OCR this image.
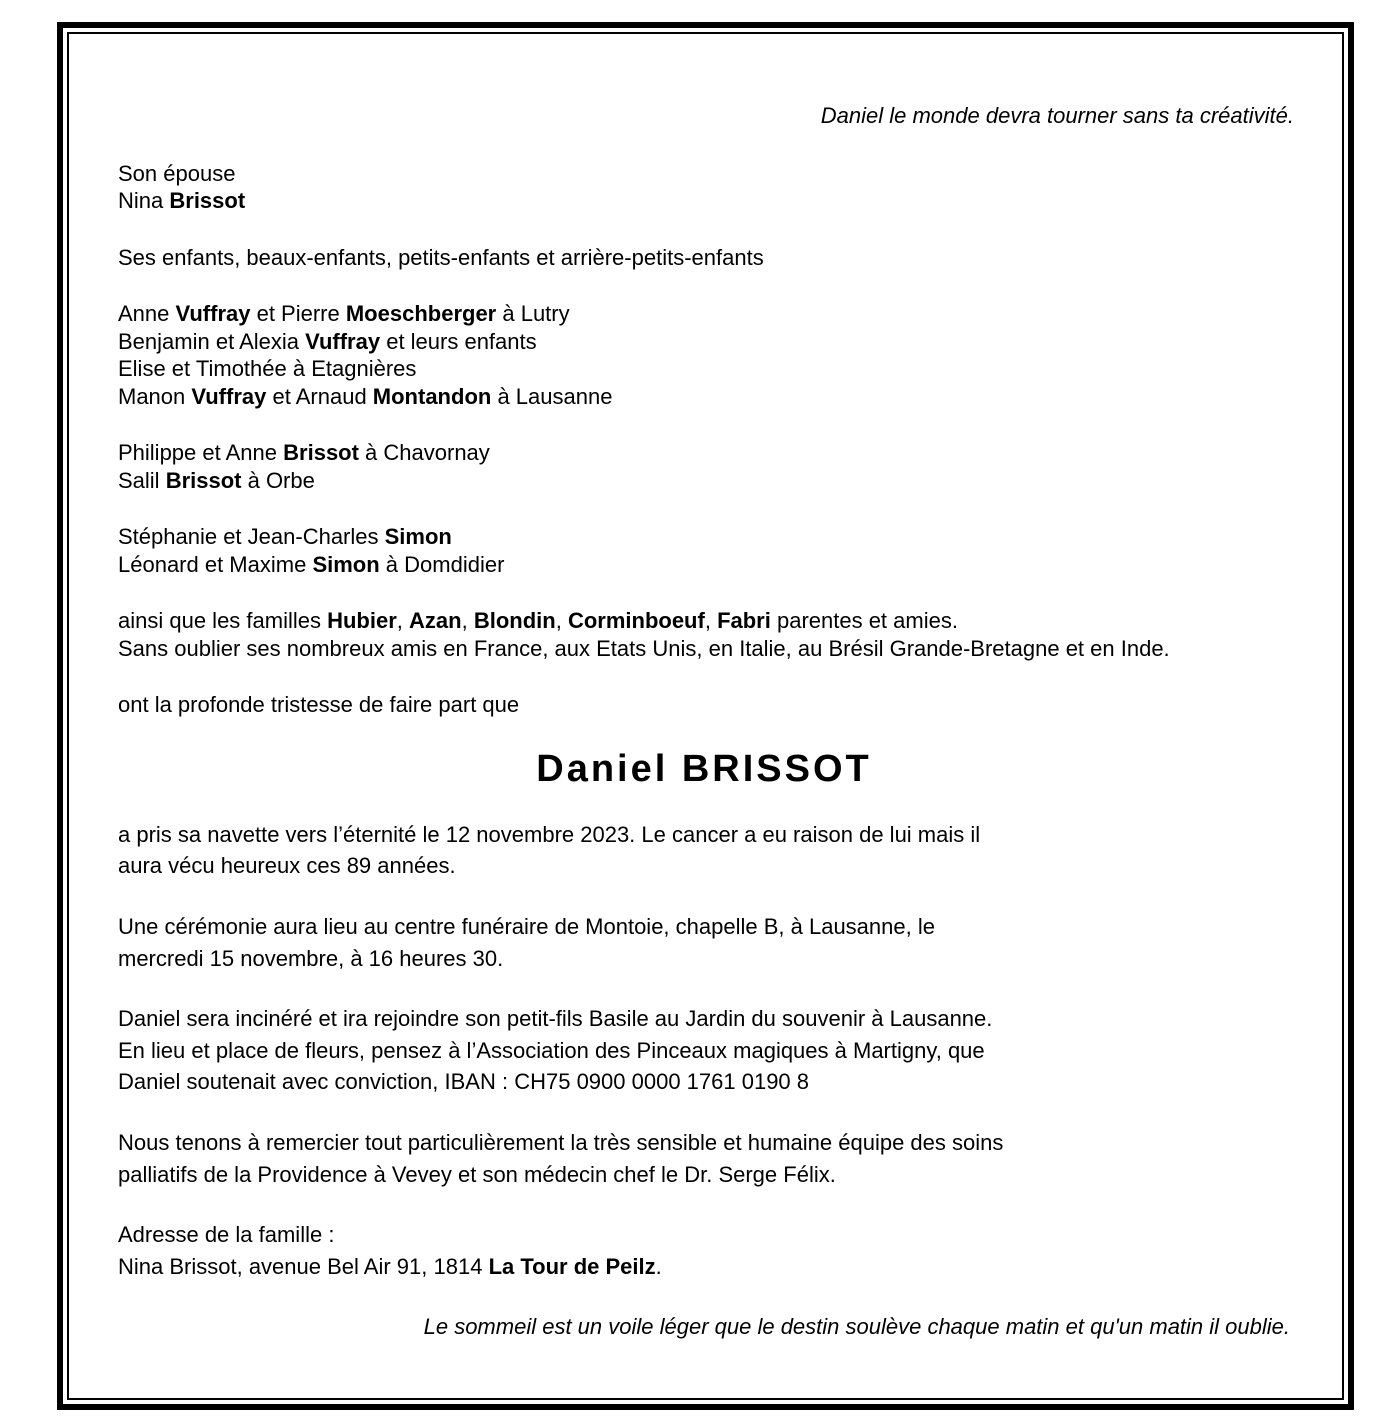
Daniel le monde devra tourner sans ta créativité.
Son épouse
Nina Brissot
Ses enfants, beaux-enfants, petits-enfants et arrière-petits-enfants
Anne Vuffray et Pierre Moeschberger à Lutry
Benjamin et Alexia Vuffray et leurs enfants
Elise et Timothée à Etagnières
Manon Vuffray et Arnaud Montandon à Lausanne
Philippe et Anne Brissot à Chavornay
Salil Brissot à Orbe
Stéphanie et Jean-Charles Simon
Léonard et Maxime Simon à Domdidier
ainsi que les familles Hubier, Azan, Blondin, Corminboeuf, Fabri parentes et amies.
Sans oublier ses nombreux amis en France, aux Etats Unis, en Italie, au Brésil Grande-Bretagne et en Inde.
ont la profonde tristesse de faire part que
Daniel BRISSOT
a pris sa navette vers l’éternité le 12 novembre 2023. Le cancer a eu raison de lui mais il
aura vécu heureux ces 89 années.
Une cérémonie aura lieu au centre funéraire de Montoie, chapelle B, à Lausanne, le
mercredi 15 novembre, à 16 heures 30.
Daniel sera incinéré et ira rejoindre son petit-fils Basile au Jardin du souvenir à Lausanne.
En lieu et place de fleurs, pensez à l’Association des Pinceaux magiques à Martigny, que
Daniel soutenait avec conviction, IBAN : CH75 0900 0000 1761 0190 8
Nous tenons à remercier tout particulièrement la très sensible et humaine équipe des soins
palliatifs de la Providence à Vevey et son médecin chef le Dr. Serge Félix.
Adresse de la famille :
Nina Brissot, avenue Bel Air 91, 1814 La Tour de Peilz.
Le sommeil est un voile léger que le destin soulève chaque matin et qu'un matin il oublie.
